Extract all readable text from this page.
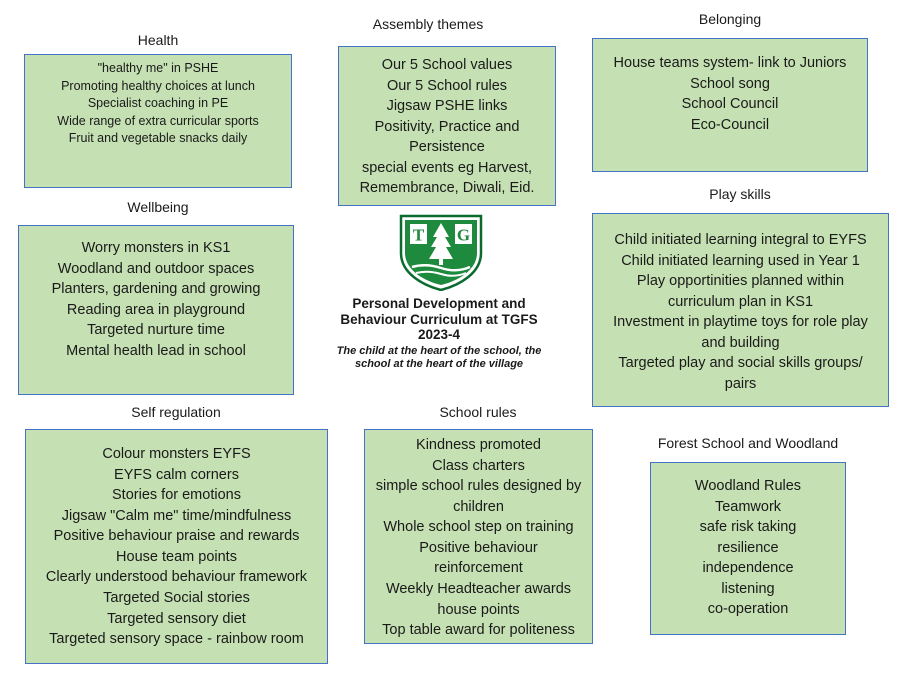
Health
"healthy me" in PSHE
Promoting healthy choices at lunch
Specialist coaching in PE
Wide range of extra curricular sports
Fruit and vegetable snacks daily
Assembly themes
Our 5 School values
Our 5 School rules
Jigsaw PSHE links
Positivity, Practice and
Persistence
special events eg Harvest,
Remembrance, Diwali, Eid.
Belonging
House teams system- link to Juniors
School song
School Council
Eco-Council
Wellbeing
Worry monsters in KS1
Woodland and outdoor spaces
Planters, gardening and growing
Reading area in playground
Targeted nurture time
Mental health lead in school
Play skills
Child initiated learning integral to EYFS
Child initiated learning used in Year 1
Play opportinities planned within
curriculum plan in KS1
Investment in playtime toys for role play
and building
Targeted play and social skills groups/
pairs
T G
Personal Development and
Behaviour Curriculum at TGFS
2023-4
The child at the heart of the school, the
school at the heart of the village
Self regulation
Colour monsters EYFS
EYFS calm corners
Stories for emotions
Jigsaw "Calm me" time/mindfulness
Positive behaviour praise and rewards
House team points
Clearly understood behaviour framework
Targeted Social stories
Targeted sensory diet
Targeted sensory space - rainbow room
School rules
Kindness promoted
Class charters
simple school rules designed by
children
Whole school step on training
Positive behaviour
reinforcement
Weekly Headteacher awards
house points
Top table award for politeness
Forest School and Woodland
Woodland Rules
Teamwork
safe risk taking
resilience
independence
listening
co-operation
